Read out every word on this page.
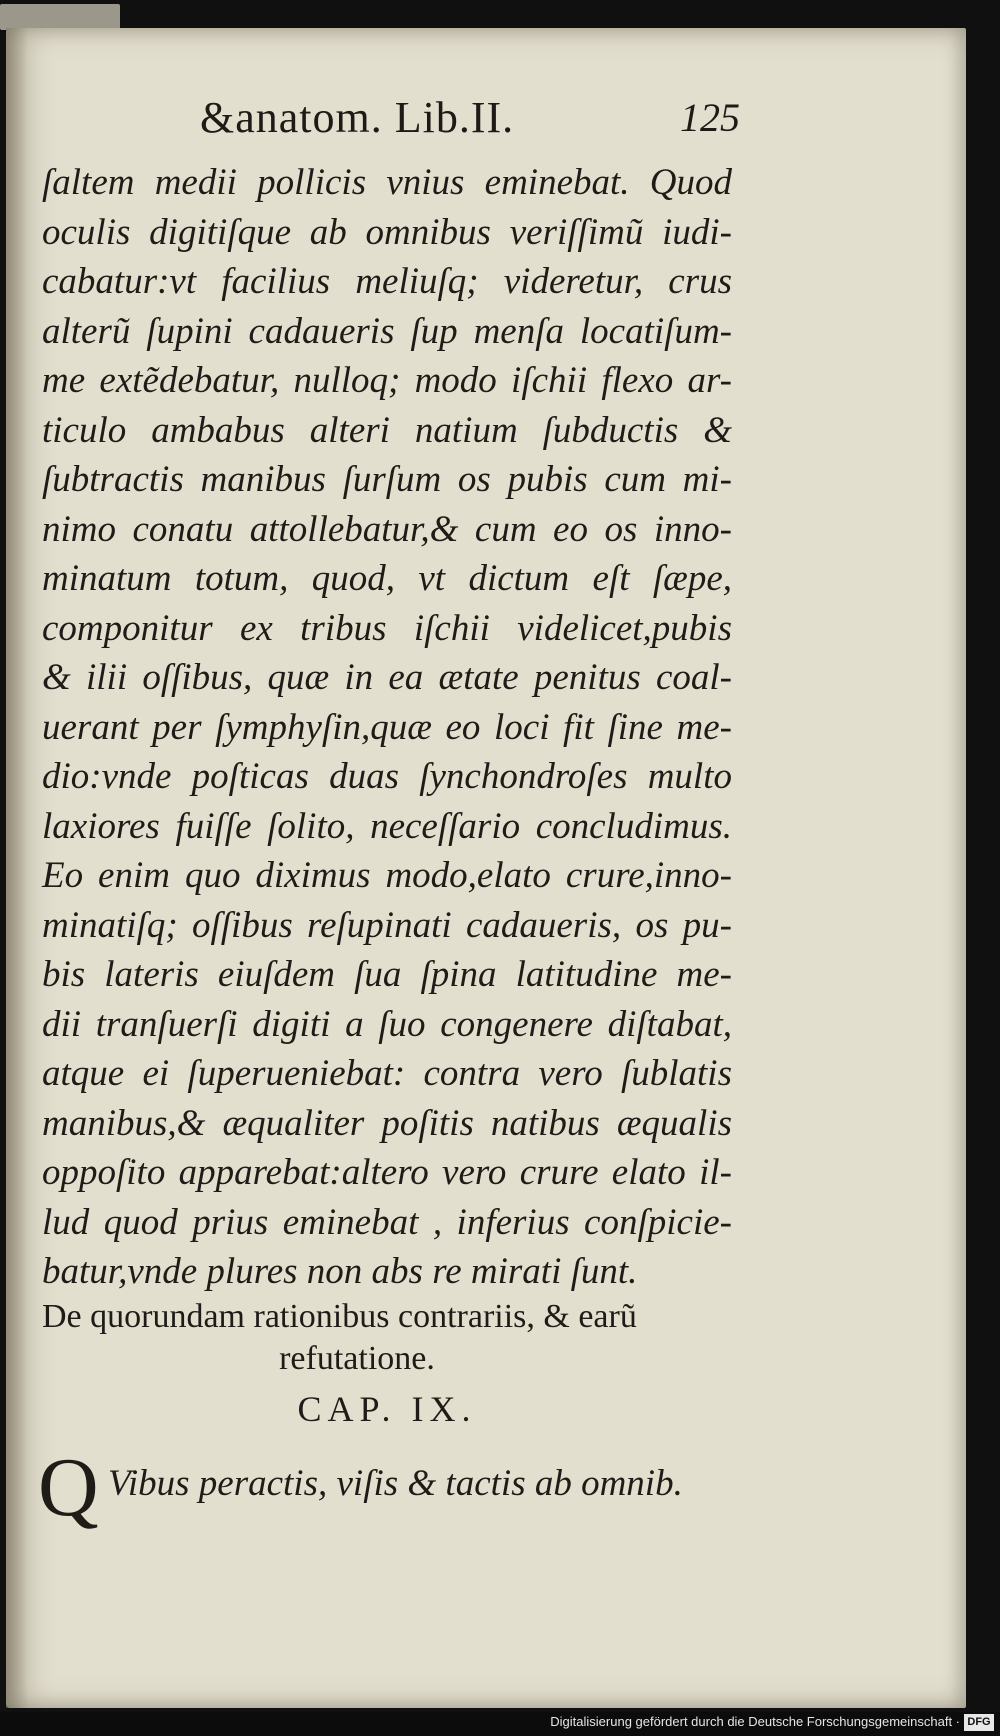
&anatom. Lib.II.	125
ſaltem medii pollicis vnius eminebat. Quod
oculis digitiſque ab omnibus veriſſimũ iudi-
cabatur:vt facilius meliuſq; videretur, crus
alterũ ſupini cadaueris ſup menſa locatiſum-
me extẽdebatur, nulloq; modo iſchii flexo ar-
ticulo ambabus alteri natium ſubductis &
ſubtractis manibus ſurſum os pubis cum mi-
nimo conatu attollebatur,& cum eo os inno-
minatum totum, quod, vt dictum eſt ſæpe,
componitur ex tribus iſchii videlicet,pubis
& ilii oſſibus, quæ in ea ætate penitus coal-
uerant per ſymphyſin,quæ eo loci fit ſine me-
dio:vnde poſticas duas ſynchondroſes multo
laxiores fuiſſe ſolito, neceſſario concludimus.
Eo enim quo diximus modo,elato crure,inno-
minatiſq; oſſibus reſupinati cadaueris, os pu-
bis lateris eiuſdem ſua ſpina latitudine me-
dii tranſuerſi digiti a ſuo congenere diſtabat,
atque ei ſuperueniebat: contra vero ſublatis
manibus,& æqualiter poſitis natibus æqualis
oppoſito apparebat:altero vero crure elato il-
lud quod prius eminebat , inferius conſpicie-
batur,vnde plures non abs re mirati ſunt.
De quorundam rationibus contrariis, & earũ
refutatione.
CAP. IX.
Q Vibus peractis, viſis & tactis ab omnib.
Digitalisierung gefördert durch die Deutsche Forschungsgemeinschaft · DFG
